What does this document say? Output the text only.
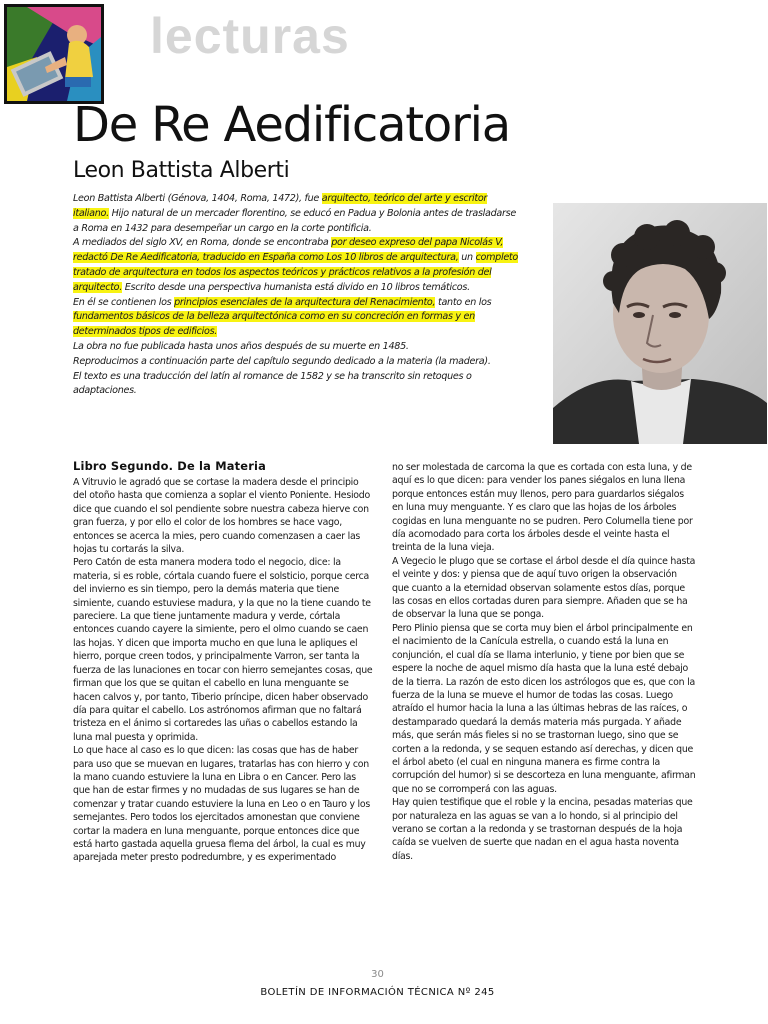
lecturas
De Re Aedificatoria
Leon Battista Alberti

Leon Battista Alberti (Génova, 1404, Roma, 1472), fue arquitecto, teórico del arte y escritor italiano. Hijo natural de un mercader florentino, se educó en Padua y Bolonia antes de trasladarse a Roma en 1432 para desempeñar un cargo en la corte pontificia.

A mediados del siglo XV, en Roma, donde se encontraba por deseo expreso del papa Nicolás V, redactó De Re Aedificatoria, traducido en España como Los 10 libros de arquitectura, un completo tratado de arquitectura en todos los aspectos teóricos y prácticos relativos a la profesión del arquitecto. Escrito desde una perspectiva humanista está divido en 10 libros temáticos.

En él se contienen los principios esenciales de la arquitectura del Renacimiento, tanto en los fundamentos básicos de la belleza arquitectónica como en su concreción en formas y en determinados tipos de edificios.

La obra no fue publicada hasta unos años después de su muerte en 1485.

Reproducimos a continuación parte del capítulo segundo dedicado a la materia (la madera).

El texto es una traducción del latín al romance de 1582 y se ha transcrito sin retoques o adaptaciones.

Libro Segundo. De la Materia

A Vitruvio le agradó que se cortase la madera desde el principio del otoño hasta que comienza a soplar el viento Poniente. Hesiodo dice que cuando el sol pendiente sobre nuestra cabeza hierve con gran fuerza, y por ello el color de los hombres se hace vago, entonces se acerca la mies, pero cuando comenzasen a caer las hojas tu cortarás la silva.

Pero Catón de esta manera modera todo el negocio, dice: la materia, si es roble, córtala cuando fuere el solsticio, porque cerca del invierno es sin tiempo, pero la demás materia que tiene simiente, cuando estuviese madura, y la que no la tiene cuando te pareciere. La que tiene juntamente madura y verde, córtala entonces cuando cayere la simiente, pero el olmo cuando se caen las hojas. Y dicen que importa mucho en que luna le apliques el hierro, porque creen todos, y principalmente Varron, ser tanta la fuerza de las lunaciones en tocar con hierro semejantes cosas, que firman que los que se quitan el cabello en luna menguante se hacen calvos y, por tanto, Tiberio príncipe, dicen haber observado día para quitar el cabello. Los astrónomos afirman que no faltará tristeza en el ánimo si cortaredes las uñas o cabellos estando la luna mal puesta y oprimida.

Lo que hace al caso es lo que dicen: las cosas que has de haber para uso que se muevan en lugares, tratarlas has con hierro y con la mano cuando estuviere la luna en Libra o en Cancer. Pero las que han de estar firmes y no mudadas de sus lugares se han de comenzar y tratar cuando estuviere la luna en Leo o en Tauro y los semejantes. Pero todos los ejercitados amonestan que conviene cortar la madera en luna menguante, porque entonces dice que está harto gastada aquella gruesa flema del árbol, la cual es muy aparejada meter presto podredumbre, y es experimentado

no ser molestada de carcoma la que es cortada con esta luna, y de aquí es lo que dicen: para vender los panes siégalos en luna llena porque entonces están muy llenos, pero para guardarlos siégalos en luna muy menguante. Y es claro que las hojas de los árboles cogidas en luna menguante no se pudren. Pero Columella tiene por día acomodado para corta los árboles desde el veinte hasta el treinta de la luna vieja.

A Vegecio le plugo que se cortase el árbol desde el día quince hasta el veinte y dos: y piensa que de aquí tuvo origen la observación que cuanto a la eternidad observan solamente estos días, porque las cosas en ellos cortadas duren para siempre. Añaden que se ha de observar la luna que se ponga.

Pero Plinio piensa que se corta muy bien el árbol principalmente en el nacimiento de la Canícula estrella, o cuando está la luna en conjunción, el cual día se llama interlunio, y tiene por bien que se espere la noche de aquel mismo día hasta que la luna esté debajo de la tierra. La razón de esto dicen los astrólogos que es, que con la fuerza de la luna se mueve el humor de todas las cosas. Luego atraído el humor hacia la luna a las últimas hebras de las raíces, o destamparado quedará la demás materia más purgada. Y añade más, que serán más fieles si no se trastornan luego, sino que se corten a la redonda, y se sequen estando así derechas, y dicen que el árbol abeto (el cual en ninguna manera es firme contra la corrupción del humor) si se descorteza en luna menguante, afirman que no se corromperá con las aguas.

Hay quien testifique que el roble y la encina, pesadas materias que por naturaleza en las aguas se van a lo hondo, si al principio del verano se cortan a la redonda y se trastornan después de la hoja caída se vuelven de suerte que nadan en el agua hasta noventa días.

30
BOLETÍN DE INFORMACIÓN TÉCNICA Nº 245
